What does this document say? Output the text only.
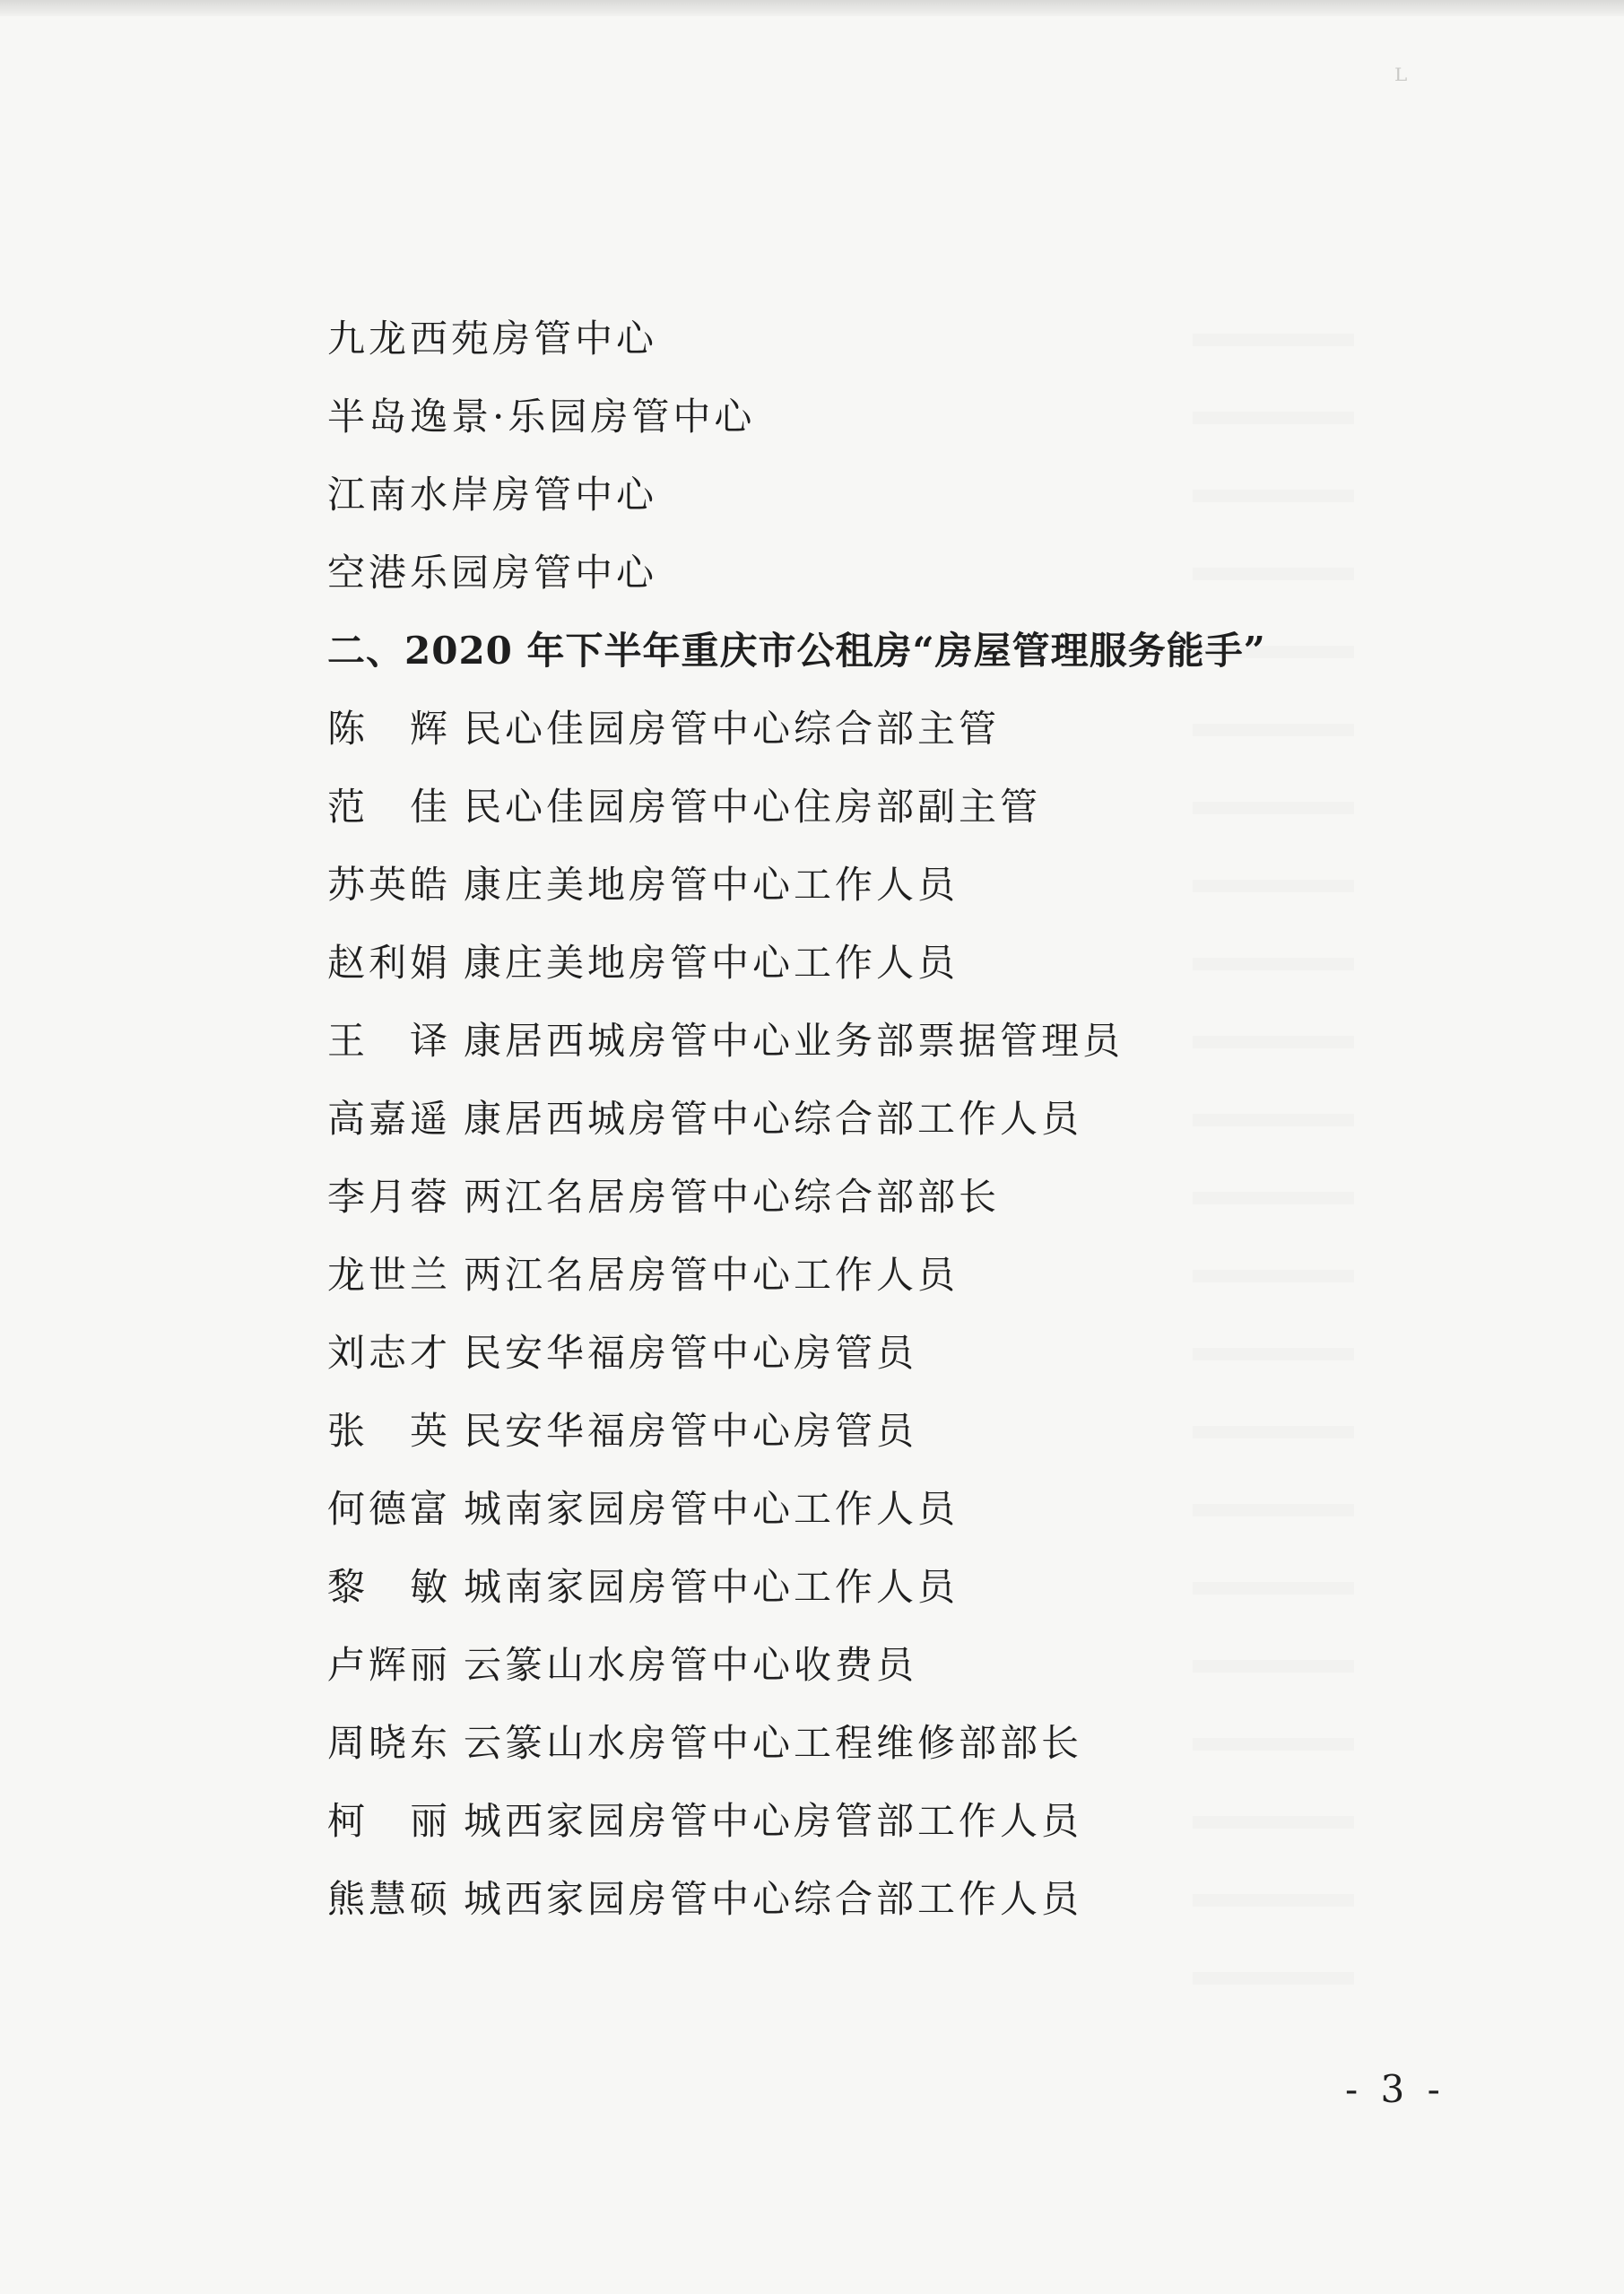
ᴸ
九龙西苑房管中心
半岛逸景·乐园房管中心
江南水岸房管中心
空港乐园房管中心
二、2020 年下半年重庆市公租房“房屋管理服务能手”
陈　辉 民心佳园房管中心综合部主管
范　佳 民心佳园房管中心住房部副主管
苏英皓 康庄美地房管中心工作人员
赵利娟 康庄美地房管中心工作人员
王　译 康居西城房管中心业务部票据管理员
高嘉遥 康居西城房管中心综合部工作人员
李月蓉 两江名居房管中心综合部部长
龙世兰 两江名居房管中心工作人员
刘志才 民安华福房管中心房管员
张　英 民安华福房管中心房管员
何德富 城南家园房管中心工作人员
黎　敏 城南家园房管中心工作人员
卢辉丽 云篆山水房管中心收费员
周晓东 云篆山水房管中心工程维修部部长
柯　丽 城西家园房管中心房管部工作人员
熊慧硕 城西家园房管中心综合部工作人员
- 3 -
